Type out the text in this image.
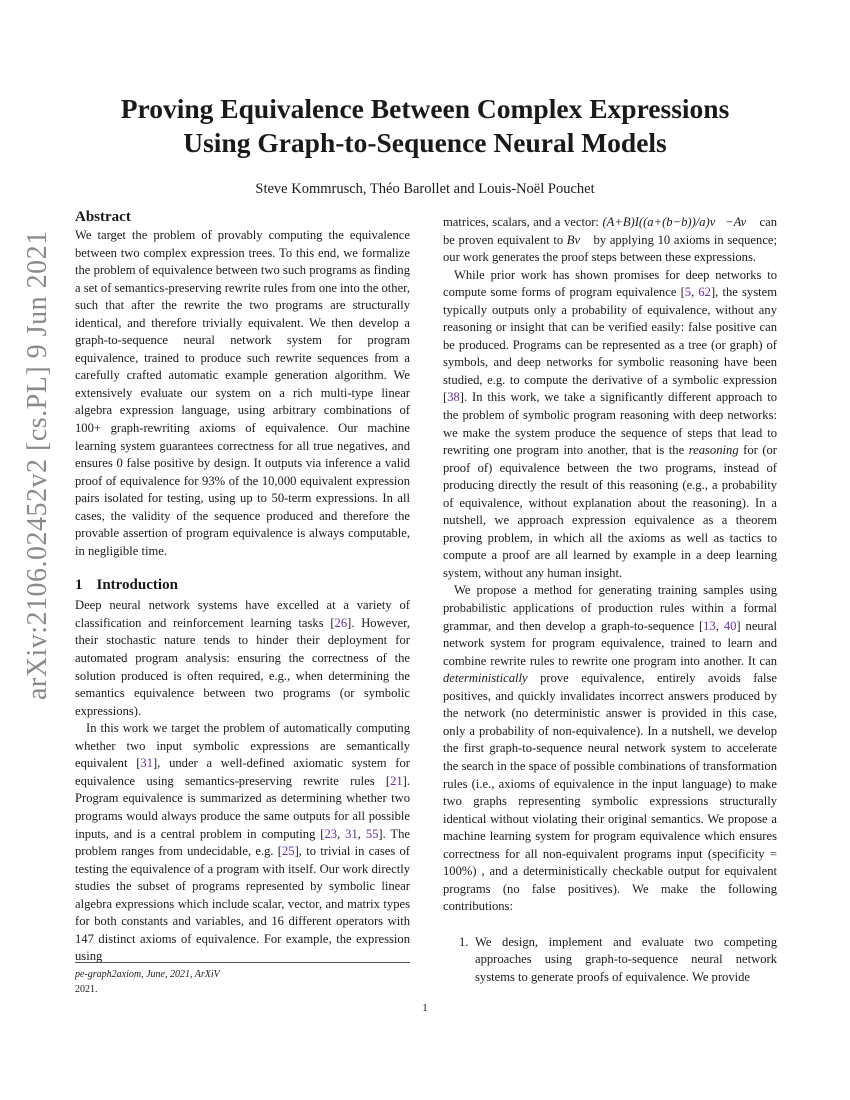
arXiv:2106.02452v2 [cs.PL] 9 Jun 2021
Proving Equivalence Between Complex Expressions
Using Graph-to-Sequence Neural Models
Steve Kommrusch, Théo Barollet and Louis-Noël Pouchet
Abstract

We target the problem of provably computing the equivalence between two complex expression trees. To this end, we formalize the problem of equivalence between two such programs as finding a set of semantics-preserving rewrite rules from one into the other, such that after the rewrite the two programs are structurally identical, and therefore trivially equivalent. We then develop a graph-to-sequence neural network system for program equivalence, trained to produce such rewrite sequences from a carefully crafted automatic example generation algorithm. We extensively evaluate our system on a rich multi-type linear algebra expression language, using arbitrary combinations of 100+ graph-rewriting axioms of equivalence. Our machine learning system guarantees correctness for all true negatives, and ensures 0 false positive by design. It outputs via inference a valid proof of equivalence for 93% of the 10,000 equivalent expression pairs isolated for testing, using up to 50-term expressions. In all cases, the validity of the sequence produced and therefore the provable assertion of program equivalence is always computable, in negligible time.

1 Introduction

Deep neural network systems have excelled at a variety of classification and reinforcement learning tasks [26]. However, their stochastic nature tends to hinder their deployment for automated program analysis: ensuring the correctness of the solution produced is often required, e.g., when determining the semantics equivalence between two programs (or symbolic expressions).

In this work we target the problem of automatically computing whether two input symbolic expressions are semantically equivalent [31], under a well-defined axiomatic system for equivalence using semantics-preserving rewrite rules [21]. Program equivalence is summarized as determining whether two programs would always produce the same outputs for all possible inputs, and is a central problem in computing [23, 31, 55]. The problem ranges from undecidable, e.g. [25], to trivial in cases of testing the equivalence of a program with itself. Our work directly studies the subset of programs represented by symbolic linear algebra expressions which include scalar, vector, and matrix types for both constants and variables, and 16 different operators with 147 distinct axioms of equivalence. For example, the expression using

pe-graph2axiom, June, 2021, ArXiV
2021.

matrices, scalars, and a vector: (A+B)I((a+(b−b))/a)v⃗−Av⃗ can be proven equivalent to Bv⃗ by applying 10 axioms in sequence; our work generates the proof steps between these expressions.

While prior work has shown promises for deep networks to compute some forms of program equivalence [5, 62], the system typically outputs only a probability of equivalence, without any reasoning or insight that can be verified easily: false positive can be produced. Programs can be represented as a tree (or graph) of symbols, and deep networks for symbolic reasoning have been studied, e.g. to compute the derivative of a symbolic expression [38]. In this work, we take a significantly different approach to the problem of symbolic program reasoning with deep networks: we make the system produce the sequence of steps that lead to rewriting one program into another, that is the reasoning for (or proof of) equivalence between the two programs, instead of producing directly the result of this reasoning (e.g., a probability of equivalence, without explanation about the reasoning). In a nutshell, we approach expression equivalence as a theorem proving problem, in which all the axioms as well as tactics to compute a proof are all learned by example in a deep learning system, without any human insight.

We propose a method for generating training samples using probabilistic applications of production rules within a formal grammar, and then develop a graph-to-sequence [13, 40] neural network system for program equivalence, trained to learn and combine rewrite rules to rewrite one program into another. It can deterministically prove equivalence, entirely avoids false positives, and quickly invalidates incorrect answers produced by the network (no deterministic answer is provided in this case, only a probability of non-equivalence). In a nutshell, we develop the first graph-to-sequence neural network system to accelerate the search in the space of possible combinations of transformation rules (i.e., axioms of equivalence in the input language) to make two graphs representing symbolic expressions structurally identical without violating their original semantics. We propose a machine learning system for program equivalence which ensures correctness for all non-equivalent programs input (specificity = 100%) , and a deterministically checkable output for equivalent programs (no false positives). We make the following contributions:

1. We design, implement and evaluate two competing approaches using graph-to-sequence neural network systems to generate proofs of equivalence. We provide
1
